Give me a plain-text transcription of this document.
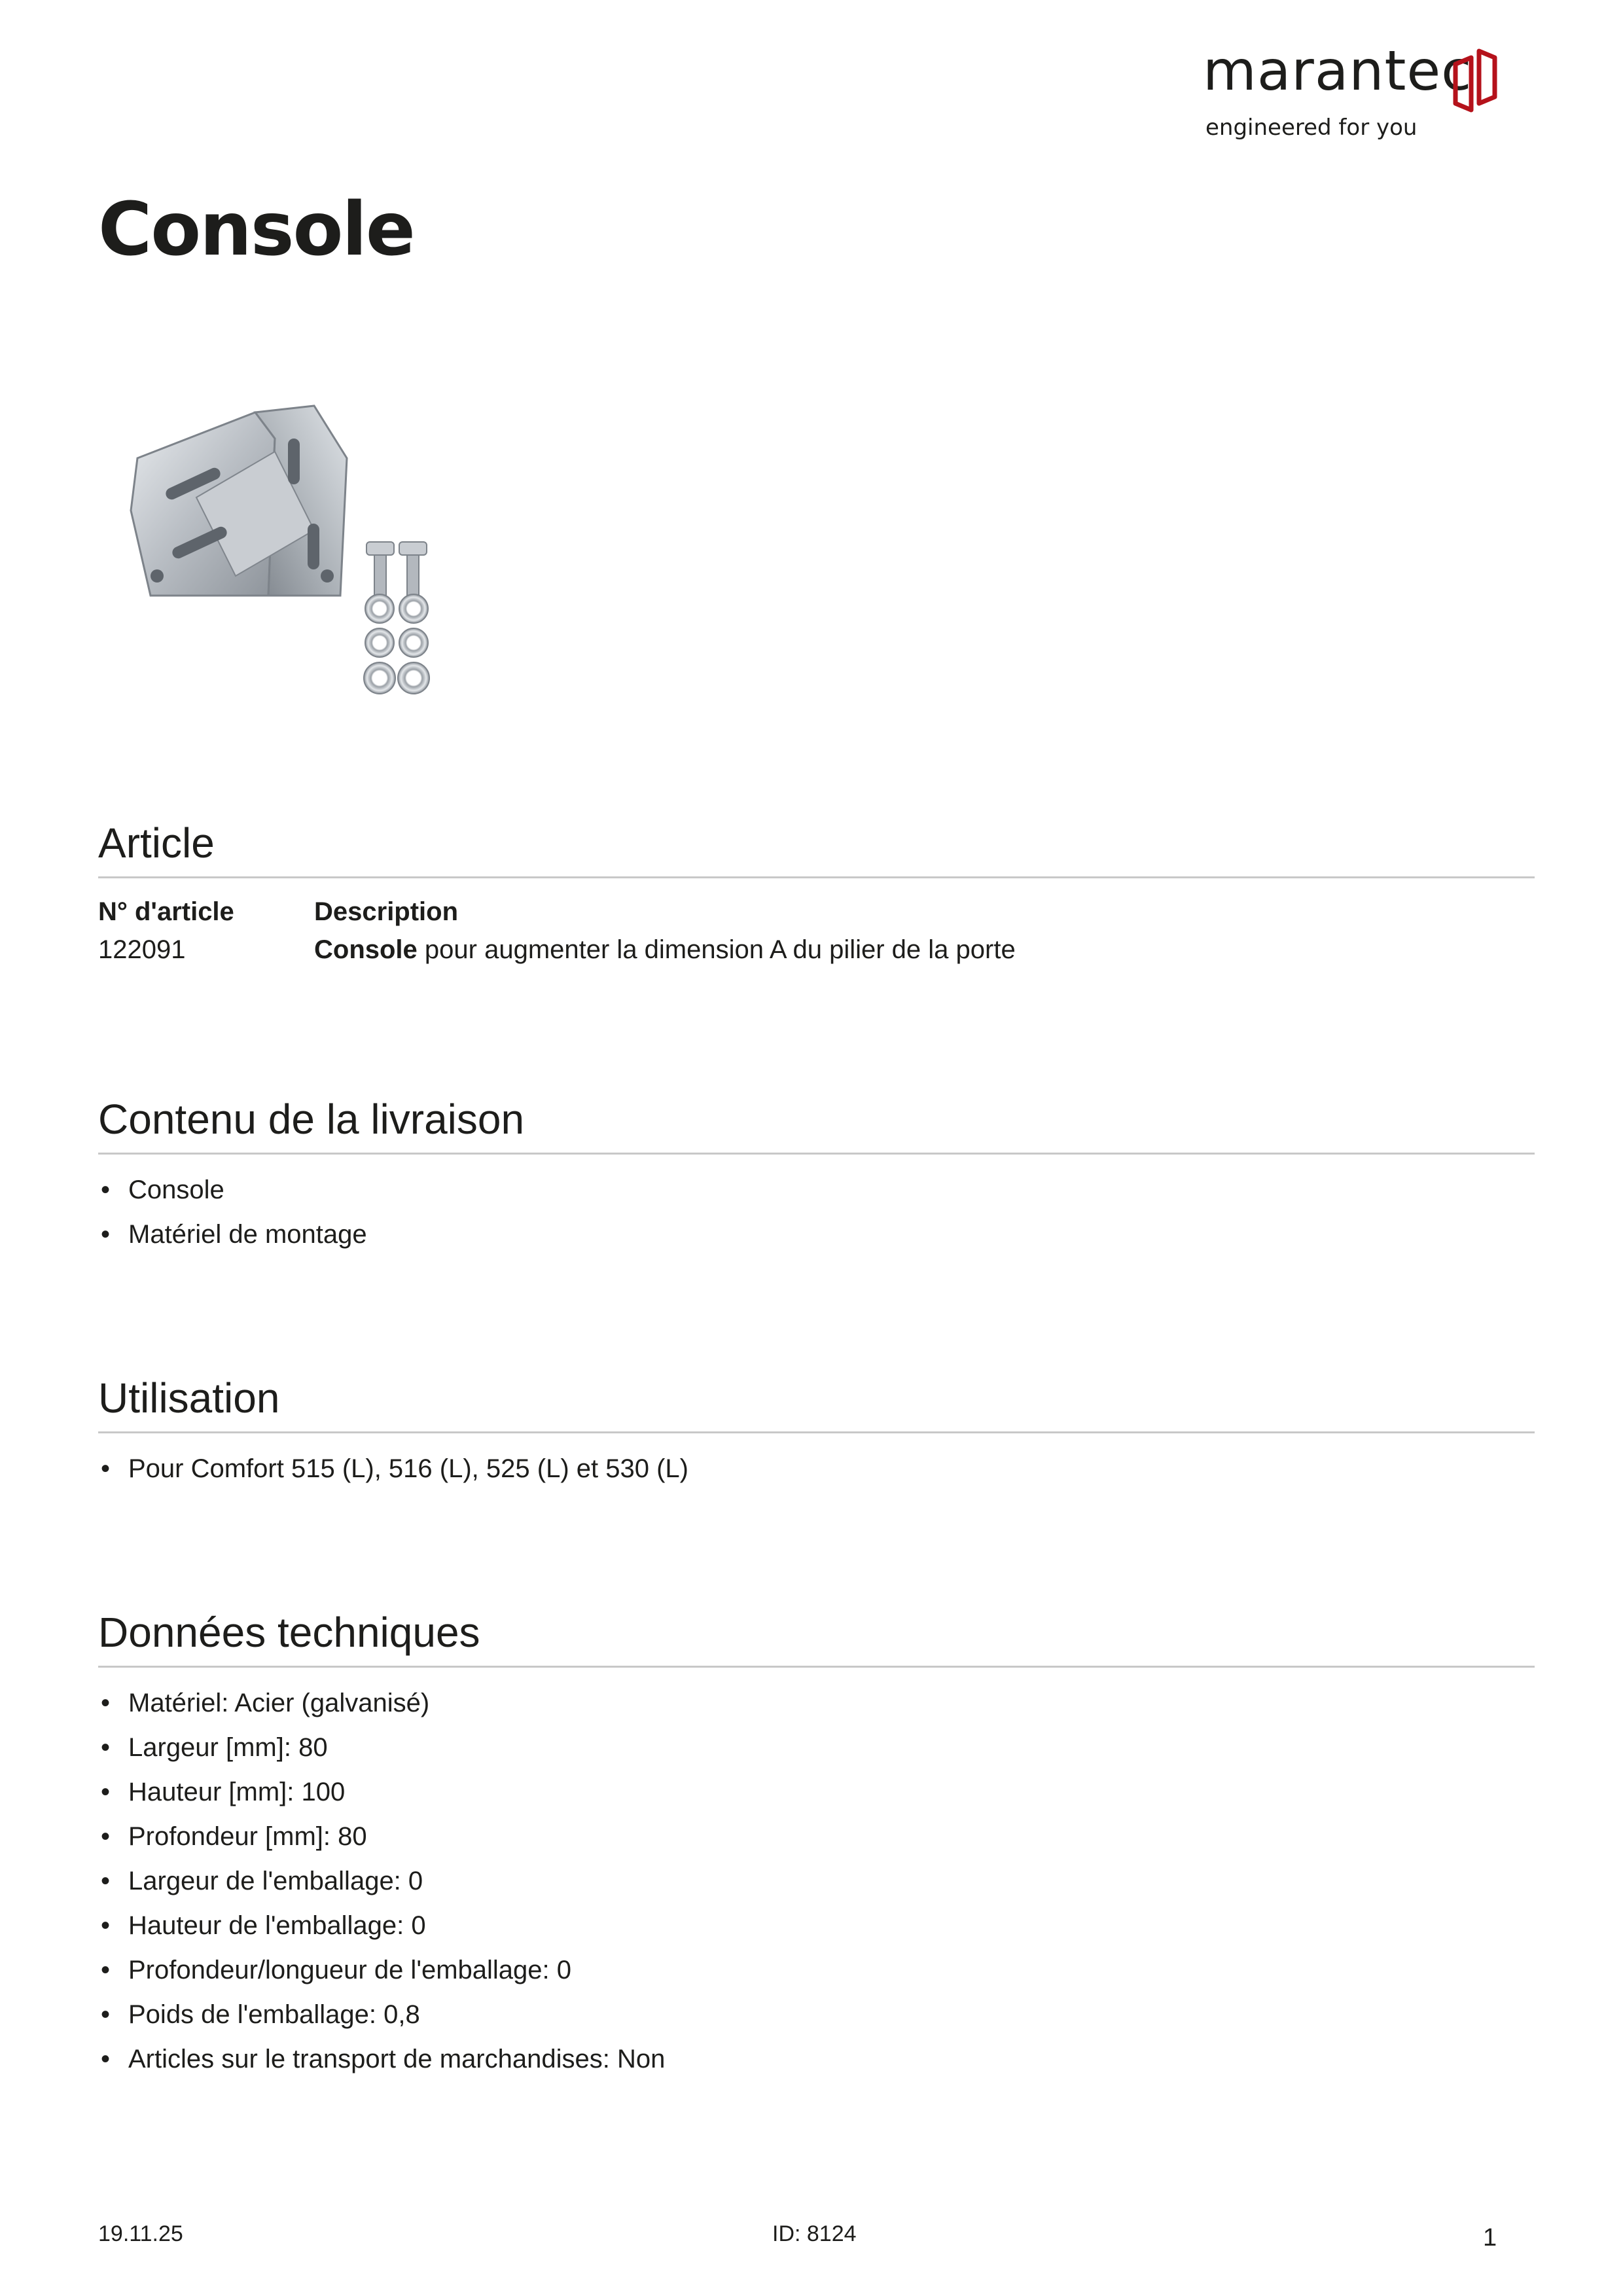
marantec
engineered for you
Console
Article
N° d'article	Description
122091	Console pour augmenter la dimension A du pilier de la porte
Contenu de la livraison
• Console
• Matériel de montage
Utilisation
• Pour Comfort 515 (L), 516 (L), 525 (L) et 530 (L)
Données techniques
• Matériel: Acier (galvanisé)
• Largeur [mm]: 80
• Hauteur [mm]: 100
• Profondeur [mm]: 80
• Largeur de l'emballage: 0
• Hauteur de l'emballage: 0
• Profondeur/longueur de l'emballage: 0
• Poids de l'emballage: 0,8
• Articles sur le transport de marchandises: Non
19.11.25	ID: 8124	1
